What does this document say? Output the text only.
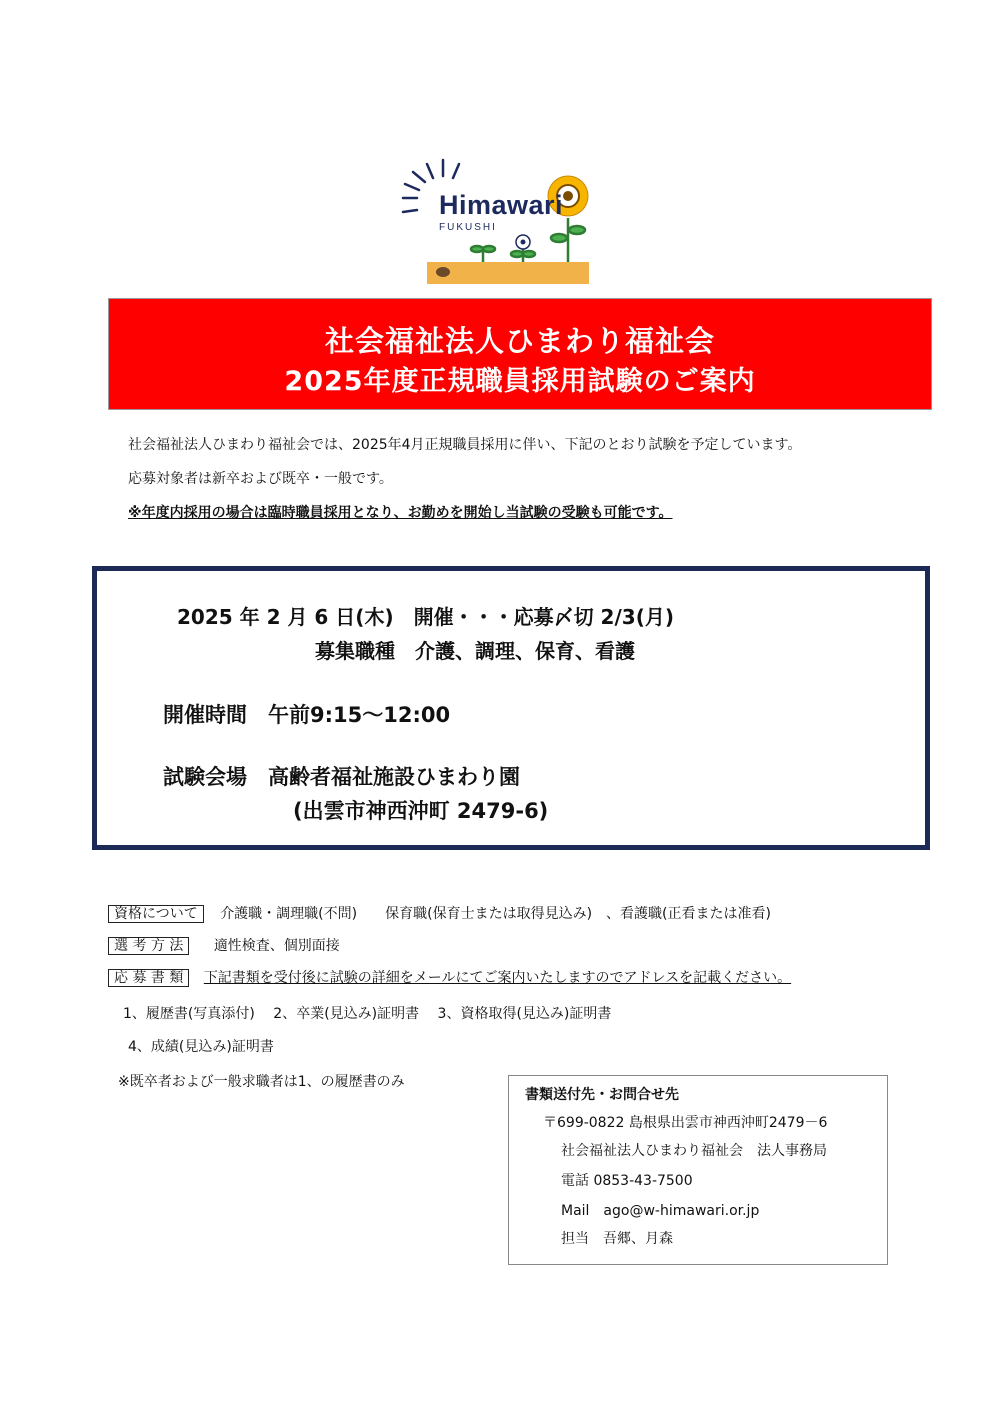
Himawari
FUKUSHI
社会福祉法人ひまわり福祉会
2025年度正規職員採用試験のご案内
社会福祉法人ひまわり福祉会では、2025年4月正規職員採用に伴い、下記のとおり試験を予定しています。
応募対象者は新卒および既卒・一般です。
※年度内採用の場合は臨時職員採用となり、お勤めを開始し当試験の受験も可能です。
2025 年 2 月 6 日(木)　開催・・・応募〆切 2/3(月)
募集職種　介護、調理、保育、看護
開催時間　午前9:15～12:00
試験会場　高齢者福祉施設ひまわり園
(出雲市神西沖町 2479-6)
資格について 介護職・調理職(不問)　　保育職(保育士または取得見込み)　、看護職(正看または准看)
選 考 方 法 適性検査、個別面接
応 募 書 類 下記書類を受付後に試験の詳細をメールにてご案内いたしますのでアドレスを記載ください。
1、履歴書(写真添付)　 2、卒業(見込み)証明書　 3、資格取得(見込み)証明書
4、成績(見込み)証明書
※既卒者および一般求職者は1、の履歴書のみ
書類送付先・お問合せ先
〒699-0822 島根県出雲市神西沖町2479－6
社会福祉法人ひまわり福祉会　法人事務局
電話 0853-43-7500
Mail　ago@w-himawari.or.jp
担当　吾郷、月森
